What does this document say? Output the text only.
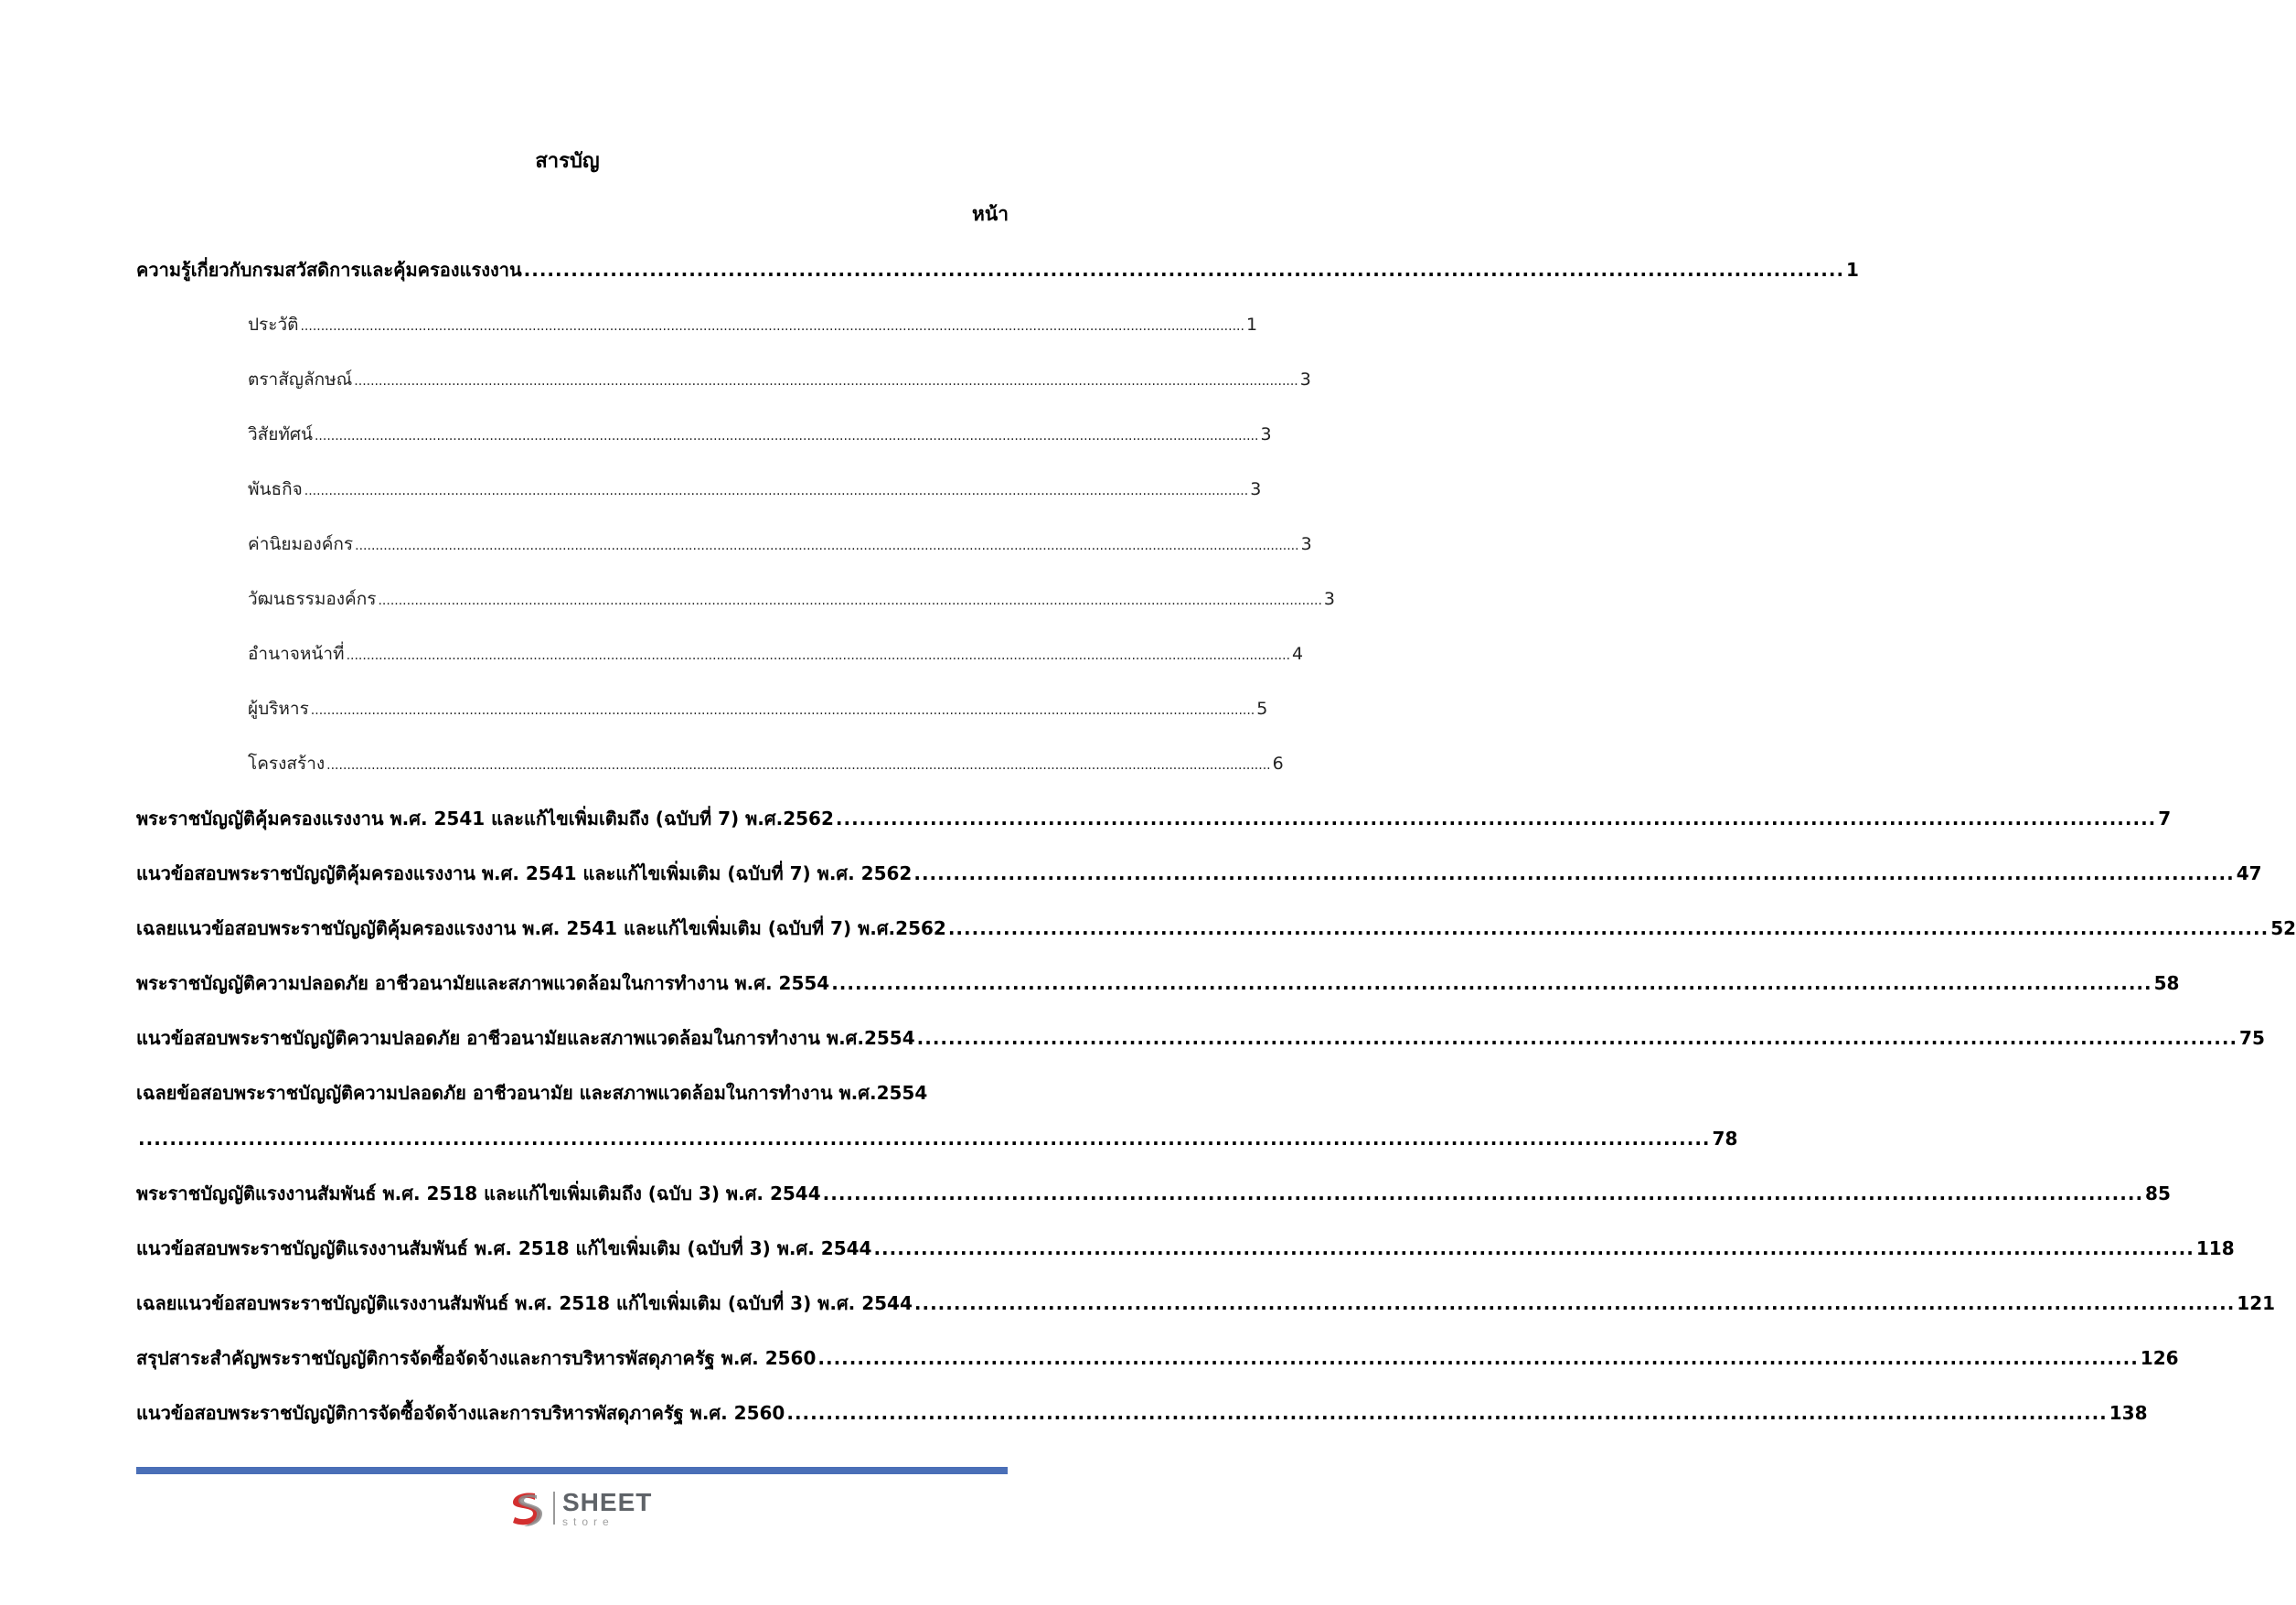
สารบัญ
หน้า
ความรู้เกี่ยวกับกรมสวัสดิการและคุ้มครองแรงงาน ........................................................................................................................................................................ 1
ประวัติ ........................................................................................................................................................................................................................................ 1
ตราสัญลักษณ์ ........................................................................................................................................................................................................................................ 3
วิสัยทัศน์ ........................................................................................................................................................................................................................................ 3
พันธกิจ ........................................................................................................................................................................................................................................ 3
ค่านิยมองค์กร ........................................................................................................................................................................................................................................ 3
วัฒนธรรมองค์กร ........................................................................................................................................................................................................................................ 3
อำนาจหน้าที่ ........................................................................................................................................................................................................................................ 4
ผู้บริหาร ........................................................................................................................................................................................................................................ 5
โครงสร้าง ........................................................................................................................................................................................................................................ 6
พระราชบัญญัติคุ้มครองแรงงาน พ.ศ. 2541 และแก้ไขเพิ่มเติมถึง (ฉบับที่ 7) พ.ศ.2562 ........................................................................................................................................................................ 7
แนวข้อสอบพระราชบัญญัติคุ้มครองแรงงาน พ.ศ. 2541 และแก้ไขเพิ่มเติม (ฉบับที่ 7) พ.ศ. 2562 ........................................................................................................................................................................ 47
เฉลยแนวข้อสอบพระราชบัญญัติคุ้มครองแรงงาน พ.ศ. 2541 และแก้ไขเพิ่มเติม (ฉบับที่ 7) พ.ศ.2562 ........................................................................................................................................................................ 52
พระราชบัญญัติความปลอดภัย อาชีวอนามัยและสภาพแวดล้อมในการทำงาน พ.ศ. 2554 ........................................................................................................................................................................ 58
แนวข้อสอบพระราชบัญญัติความปลอดภัย อาชีวอนามัยและสภาพแวดล้อมในการทำงาน พ.ศ.2554 ........................................................................................................................................................................ 75
เฉลยข้อสอบพระราชบัญญัติความปลอดภัย อาชีวอนามัย และสภาพแวดล้อมในการทำงาน พ.ศ.2554
........................................................................................................................................................................................................ 78
พระราชบัญญัติแรงงานสัมพันธ์ พ.ศ. 2518 และแก้ไขเพิ่มเติมถึง (ฉบับ 3) พ.ศ. 2544 ........................................................................................................................................................................ 85
แนวข้อสอบพระราชบัญญัติแรงงานสัมพันธ์ พ.ศ. 2518 แก้ไขเพิ่มเติม (ฉบับที่ 3) พ.ศ. 2544 ........................................................................................................................................................................ 118
เฉลยแนวข้อสอบพระราชบัญญัติแรงงานสัมพันธ์ พ.ศ. 2518 แก้ไขเพิ่มเติม (ฉบับที่ 3) พ.ศ. 2544 ........................................................................................................................................................................ 121
สรุปสาระสำคัญพระราชบัญญัติการจัดซื้อจัดจ้างและการบริหารพัสดุภาครัฐ พ.ศ. 2560 ........................................................................................................................................................................ 126
แนวข้อสอบพระราชบัญญัติการจัดซื้อจัดจ้างและการบริหารพัสดุภาครัฐ พ.ศ. 2560 ........................................................................................................................................................................ 138
SHEET
store
